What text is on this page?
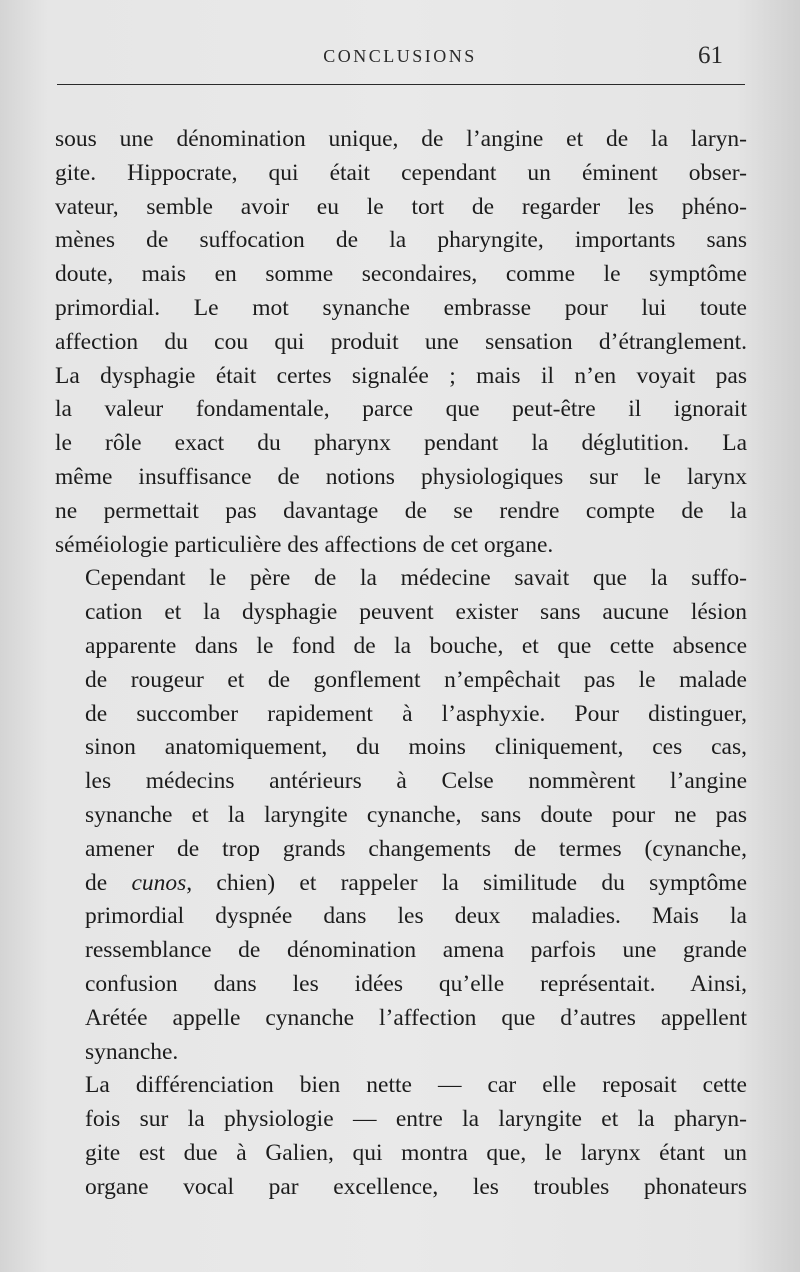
CONCLUSIONS	61

sous une dénomination unique, de l’angine et de la laryn-
gite. Hippocrate, qui était cependant un éminent obser-
vateur, semble avoir eu le tort de regarder les phéno-
mènes de suffocation de la pharyngite, importants sans
doute, mais en somme secondaires, comme le symptôme
primordial. Le mot synanche embrasse pour lui toute
affection du cou qui produit une sensation d’étranglement.
La dysphagie était certes signalée ; mais il n’en voyait pas
la valeur fondamentale, parce que peut-être il ignorait
le rôle exact du pharynx pendant la déglutition. La
même insuffisance de notions physiologiques sur le larynx
ne permettait pas davantage de se rendre compte de la
séméiologie particulière des affections de cet organe.

Cependant le père de la médecine savait que la suffo-
cation et la dysphagie peuvent exister sans aucune lésion
apparente dans le fond de la bouche, et que cette absence
de rougeur et de gonflement n’empêchait pas le malade
de succomber rapidement à l’asphyxie. Pour distinguer,
sinon anatomiquement, du moins cliniquement, ces cas,
les médecins antérieurs à Celse nommèrent l’angine
synanche et la laryngite cynanche, sans doute pour ne pas
amener de trop grands changements de termes (cynanche,
de cunos, chien) et rappeler la similitude du symptôme
primordial dyspnée dans les deux maladies. Mais la
ressemblance de dénomination amena parfois une grande
confusion dans les idées qu’elle représentait. Ainsi,
Arétée appelle cynanche l’affection que d’autres appellent
synanche.

La différenciation bien nette — car elle reposait cette
fois sur la physiologie — entre la laryngite et la pharyn-
gite est due à Galien, qui montra que, le larynx étant un
organe vocal par excellence, les troubles phonateurs
